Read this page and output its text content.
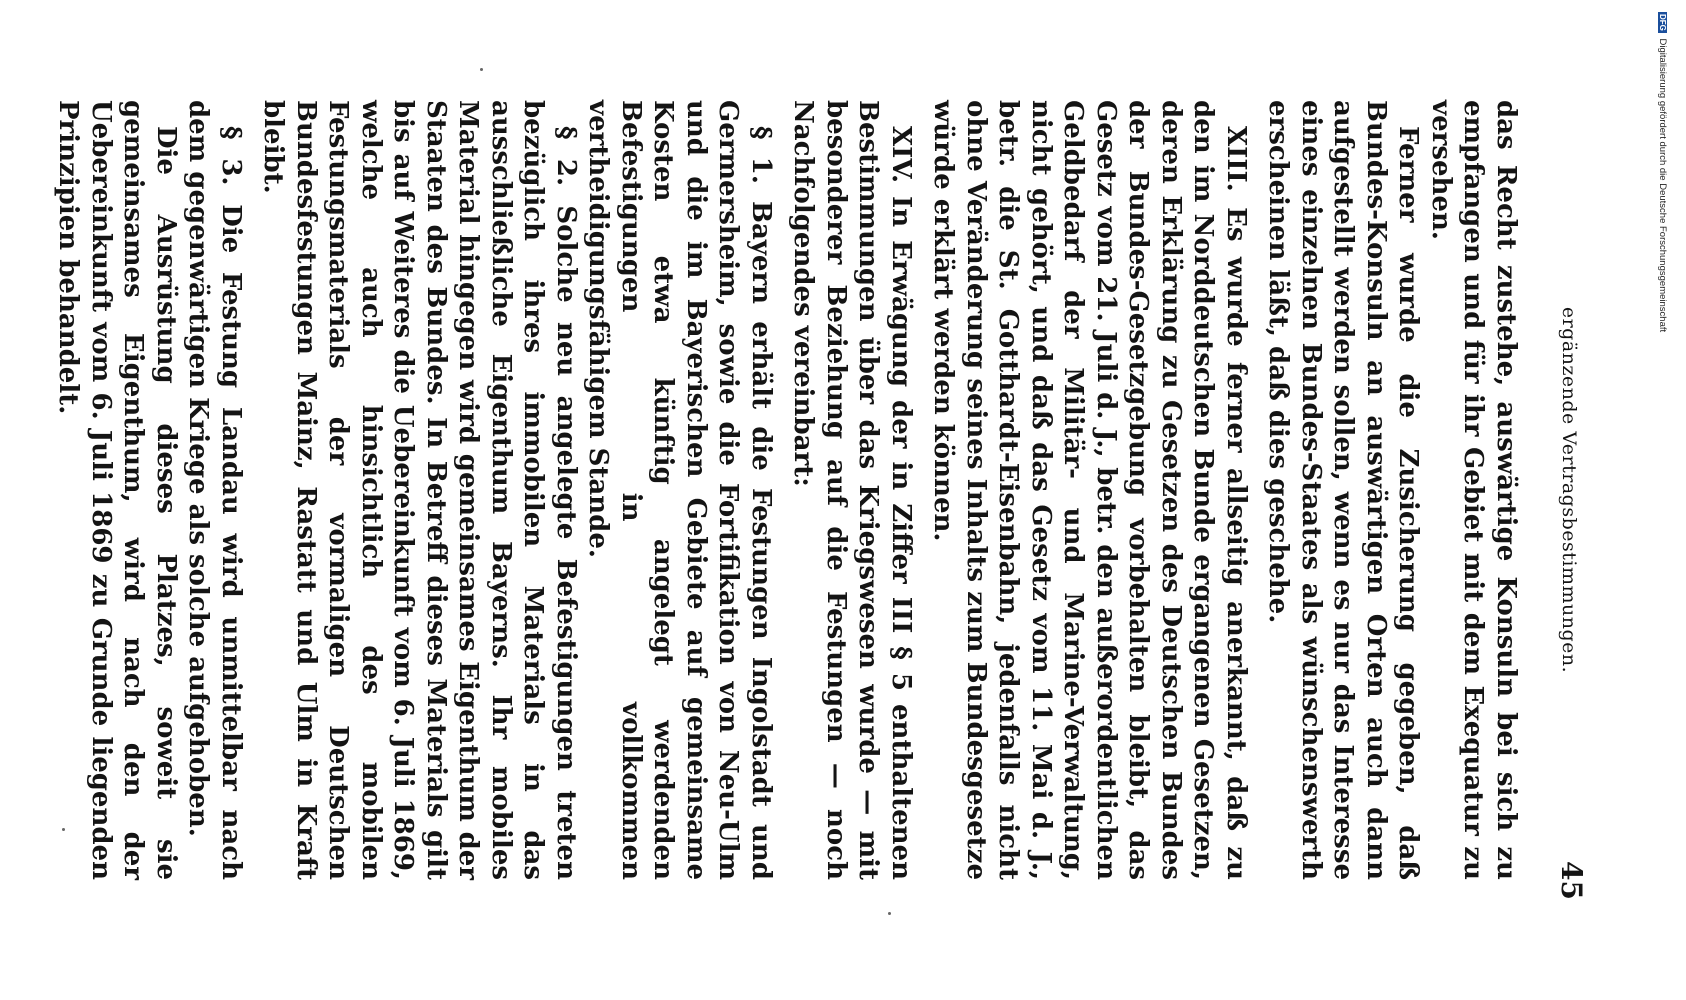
ergänzende Vertragsbestimmungen.
45

das Recht zustehe, auswärtige Konsuln bei sich zu empfangen und für ihr Gebiet mit dem Exequatur zu versehen.

Ferner wurde die Zusicherung gegeben, daß Bundes-Konsuln an auswärtigen Orten auch dann aufgestellt werden sollen, wenn es nur das Interesse eines einzelnen Bundes-Staates als wünschenswerth erscheinen läßt, daß dies geschehe.

XIII. Es wurde ferner allseitig anerkannt, daß zu den im Norddeutschen Bunde ergangenen Gesetzen, deren Erklärung zu Gesetzen des Deutschen Bundes der Bundes-Gesetzgebung vorbehalten bleibt, das Gesetz vom 21. Juli d. J., betr. den außerordentlichen Geldbedarf der Militär- und Marine-Verwaltung, nicht gehört, und daß das Gesetz vom 11. Mai d. J., betr. die St. Gotthardt-Eisenbahn, jedenfalls nicht ohne Veränderung seines Inhalts zum Bundesgesetze würde erklärt werden können.

XIV. In Erwägung der in Ziffer III § 5 enthaltenen Bestimmungen über das Kriegswesen wurde — mit besonderer Beziehung auf die Festungen — noch Nachfolgendes vereinbart:

§ 1. Bayern erhält die Festungen Ingolstadt und Germersheim, sowie die Fortifikation von Neu-Ulm und die im Bayerischen Gebiete auf gemeinsame Kosten etwa künftig angelegt werdenden Befestigungen in vollkommen vertheidigungsfähigem Stande.

§ 2. Solche neu angelegte Befestigungen treten bezüglich ihres immobilen Materials in das ausschließliche Eigenthum Bayerns. Ihr mobiles Material hingegen wird gemeinsames Eigenthum der Staaten des Bundes. In Betreff dieses Materials gilt bis auf Weiteres die Uebereinkunft vom 6. Juli 1869, welche auch hinsichtlich des mobilen Festungsmaterials der vormaligen Deutschen Bundesfestungen Mainz, Rastatt und Ulm in Kraft bleibt.

§ 3. Die Festung Landau wird unmittelbar nach dem gegenwärtigen Kriege als solche aufgehoben.

Die Ausrüstung dieses Platzes, soweit sie gemeinsames Eigenthum, wird nach den der Uebereinkunft vom 6. Juli 1869 zu Grunde liegenden Prinzipien behandelt.

DFG Digitalisierung gefördert durch die Deutsche Forschungsgemeinschaft
